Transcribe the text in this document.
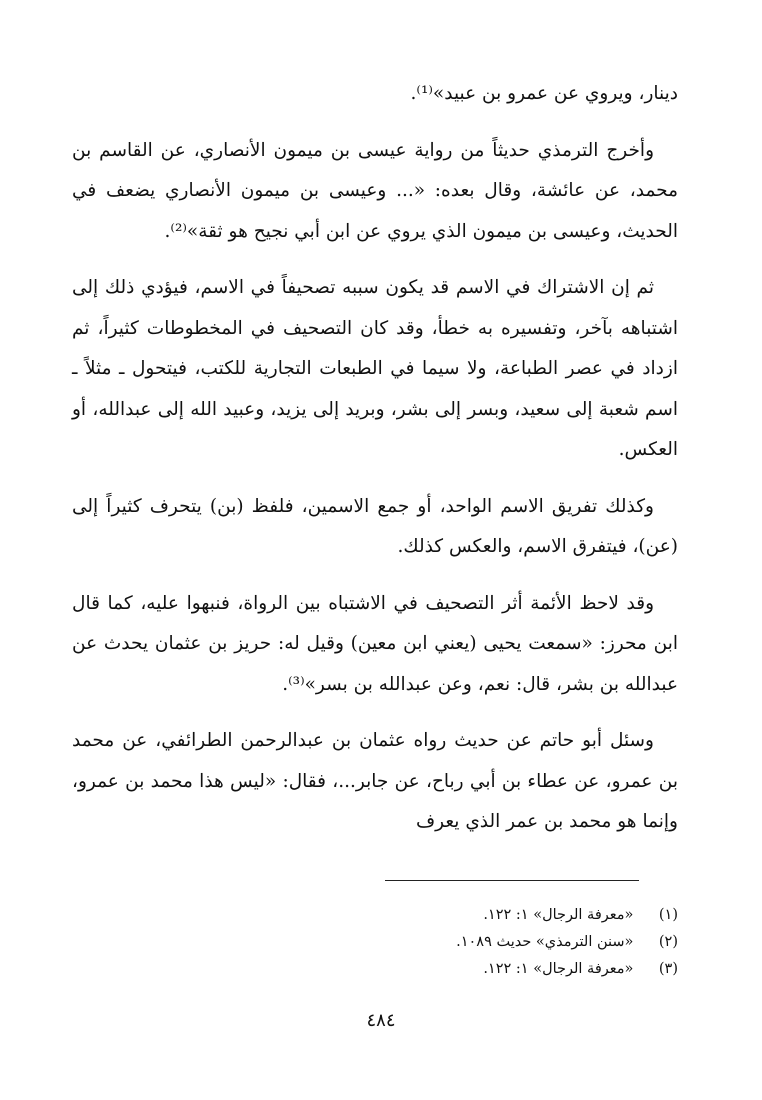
دينار، ويروي عن عمرو بن عبيد»⁽¹⁾.

وأخرج الترمذي حديثاً من رواية عيسى بن ميمون الأنصاري، عن القاسم بن محمد، عن عائشة، وقال بعده: «... وعيسى بن ميمون الأنصاري يضعف في الحديث، وعيسى بن ميمون الذي يروي عن ابن أبي نجيح هو ثقة»⁽²⁾.

ثم إن الاشتراك في الاسم قد يكون سببه تصحيفاً في الاسم، فيؤدي ذلك إلى اشتباهه بآخر، وتفسيره به خطأ، وقد كان التصحيف في المخطوطات كثيراً، ثم ازداد في عصر الطباعة، ولا سيما في الطبعات التجارية للكتب، فيتحول ـ مثلاً ـ اسم شعبة إلى سعيد، وبسر إلى بشر، وبريد إلى يزيد، وعبيد الله إلى عبدالله، أو العكس.

وكذلك تفريق الاسم الواحد، أو جمع الاسمين، فلفظ (بن) يتحرف كثيراً إلى (عن)، فيتفرق الاسم، والعكس كذلك.

وقد لاحظ الأئمة أثر التصحيف في الاشتباه بين الرواة، فنبهوا عليه، كما قال ابن محرز: «سمعت يحيى (يعني ابن معين) وقيل له: حريز بن عثمان يحدث عن عبدالله بن بشر، قال: نعم، وعن عبدالله بن بسر»⁽³⁾.

وسئل أبو حاتم عن حديث رواه عثمان بن عبدالرحمن الطرائفي، عن محمد بن عمرو، عن عطاء بن أبي رباح، عن جابر...، فقال: «ليس هذا محمد بن عمرو، وإنما هو محمد بن عمر الذي يعرف

(١) «معرفة الرجال» ١: ١٢٢.
(٢) «سنن الترمذي» حديث ١٠٨٩.
(٣) «معرفة الرجال» ١: ١٢٢.
٤٨٤
